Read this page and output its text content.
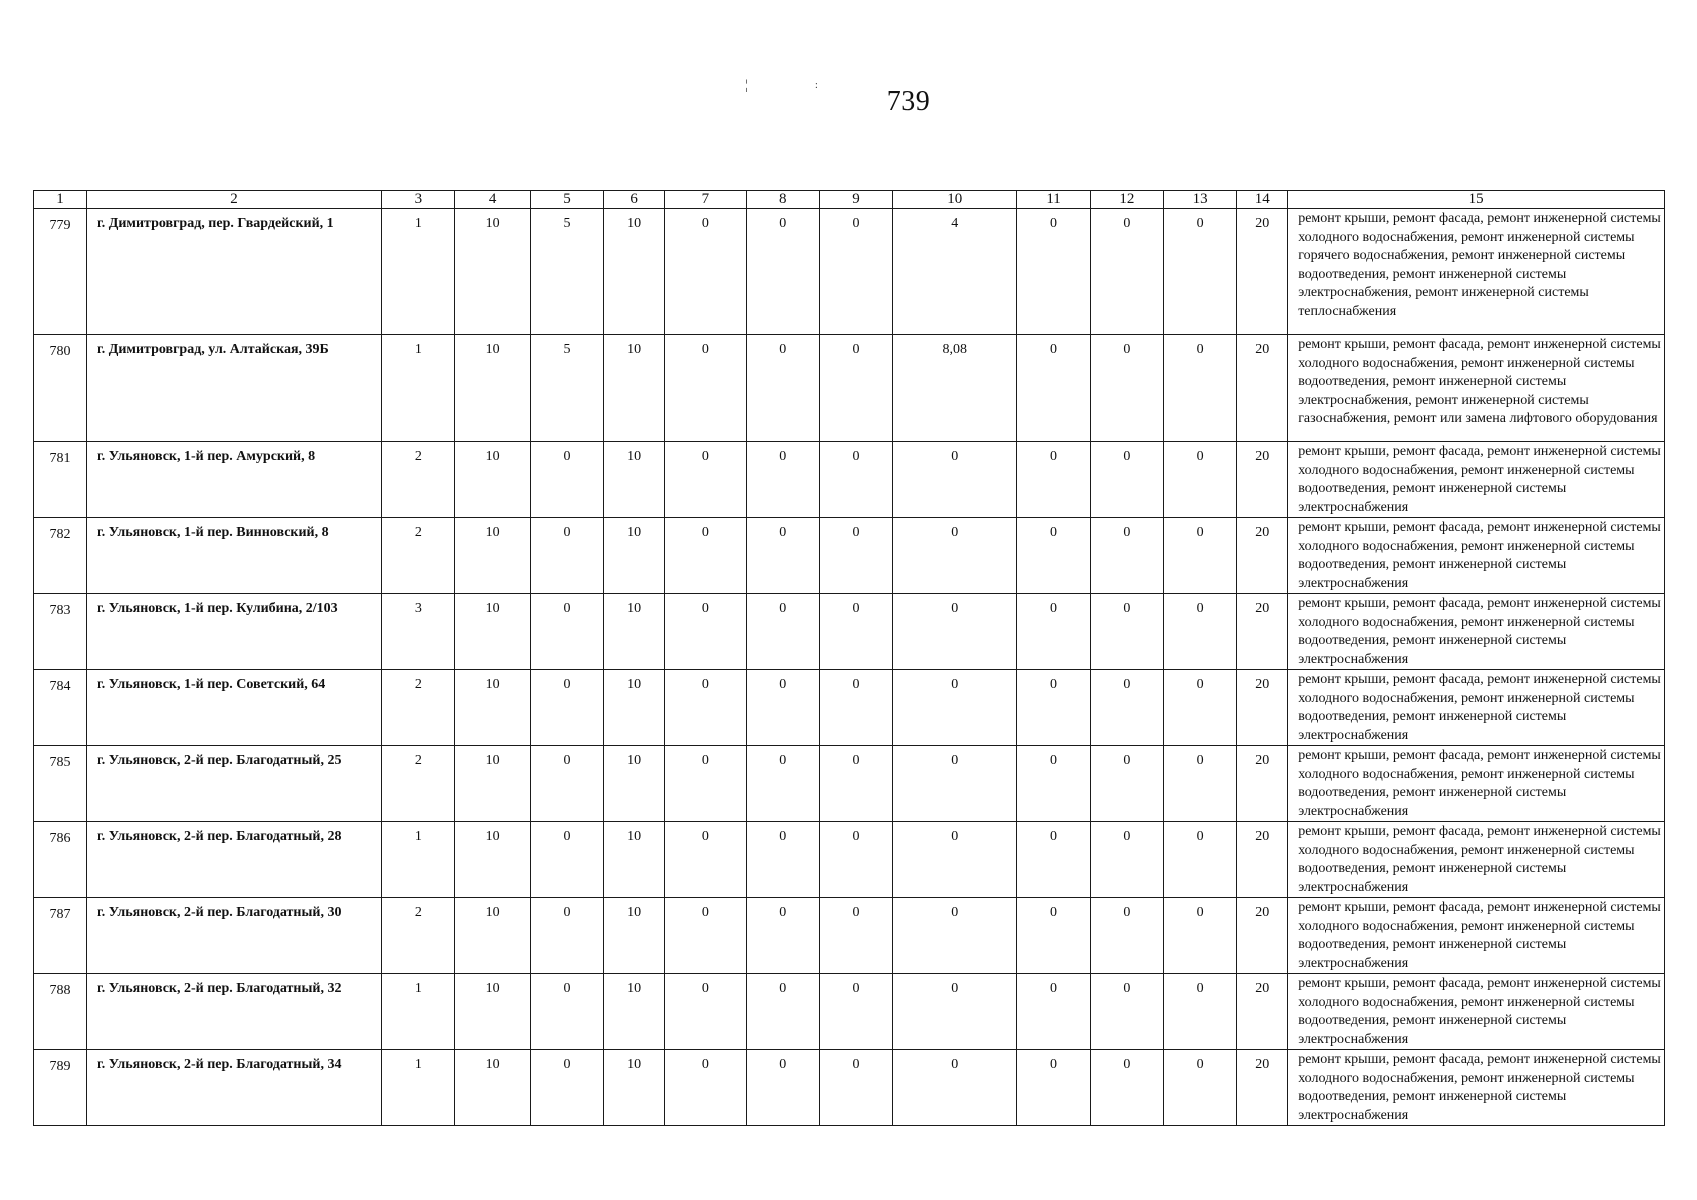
¦	:
739
1	2	3	4	5	6	7	8	9	10	11	12	13	14	15
779	г. Димитровград, пер. Гвардейский, 1	1	10	5	10	0	0	0	4	0	0	0	20	ремонт крыши, ремонт фасада, ремонт инженерной системы холодного водоснабжения, ремонт инженерной системы горячего водоснабжения, ремонт инженерной системы водоотведения, ремонт инженерной системы электроснабжения, ремонт инженерной системы теплоснабжения
780	г. Димитровград, ул. Алтайская, 39Б	1	10	5	10	0	0	0	8,08	0	0	0	20	ремонт крыши, ремонт фасада, ремонт инженерной системы холодного водоснабжения, ремонт инженерной системы водоотведения, ремонт инженерной системы электроснабжения, ремонт инженерной системы газоснабжения, ремонт или замена лифтового оборудования
781	г. Ульяновск, 1-й пер. Амурский, 8	2	10	0	10	0	0	0	0	0	0	0	20	ремонт крыши, ремонт фасада, ремонт инженерной системы холодного водоснабжения, ремонт инженерной системы водоотведения, ремонт инженерной системы электроснабжения
782	г. Ульяновск, 1-й пер. Винновский, 8	2	10	0	10	0	0	0	0	0	0	0	20	ремонт крыши, ремонт фасада, ремонт инженерной системы холодного водоснабжения, ремонт инженерной системы водоотведения, ремонт инженерной системы электроснабжения
783	г. Ульяновск, 1-й пер. Кулибина, 2/103	3	10	0	10	0	0	0	0	0	0	0	20	ремонт крыши, ремонт фасада, ремонт инженерной системы холодного водоснабжения, ремонт инженерной системы водоотведения, ремонт инженерной системы электроснабжения
784	г. Ульяновск, 1-й пер. Советский, 64	2	10	0	10	0	0	0	0	0	0	0	20	ремонт крыши, ремонт фасада, ремонт инженерной системы холодного водоснабжения, ремонт инженерной системы водоотведения, ремонт инженерной системы электроснабжения
785	г. Ульяновск, 2-й пер. Благодатный, 25	2	10	0	10	0	0	0	0	0	0	0	20	ремонт крыши, ремонт фасада, ремонт инженерной системы холодного водоснабжения, ремонт инженерной системы водоотведения, ремонт инженерной системы электроснабжения
786	г. Ульяновск, 2-й пер. Благодатный, 28	1	10	0	10	0	0	0	0	0	0	0	20	ремонт крыши, ремонт фасада, ремонт инженерной системы холодного водоснабжения, ремонт инженерной системы водоотведения, ремонт инженерной системы электроснабжения
787	г. Ульяновск, 2-й пер. Благодатный, 30	2	10	0	10	0	0	0	0	0	0	0	20	ремонт крыши, ремонт фасада, ремонт инженерной системы холодного водоснабжения, ремонт инженерной системы водоотведения, ремонт инженерной системы электроснабжения
788	г. Ульяновск, 2-й пер. Благодатный, 32	1	10	0	10	0	0	0	0	0	0	0	20	ремонт крыши, ремонт фасада, ремонт инженерной системы холодного водоснабжения, ремонт инженерной системы водоотведения, ремонт инженерной системы электроснабжения
789	г. Ульяновск, 2-й пер. Благодатный, 34	1	10	0	10	0	0	0	0	0	0	0	20	ремонт крыши, ремонт фасада, ремонт инженерной системы холодного водоснабжения, ремонт инженерной системы водоотведения, ремонт инженерной системы электроснабжения
